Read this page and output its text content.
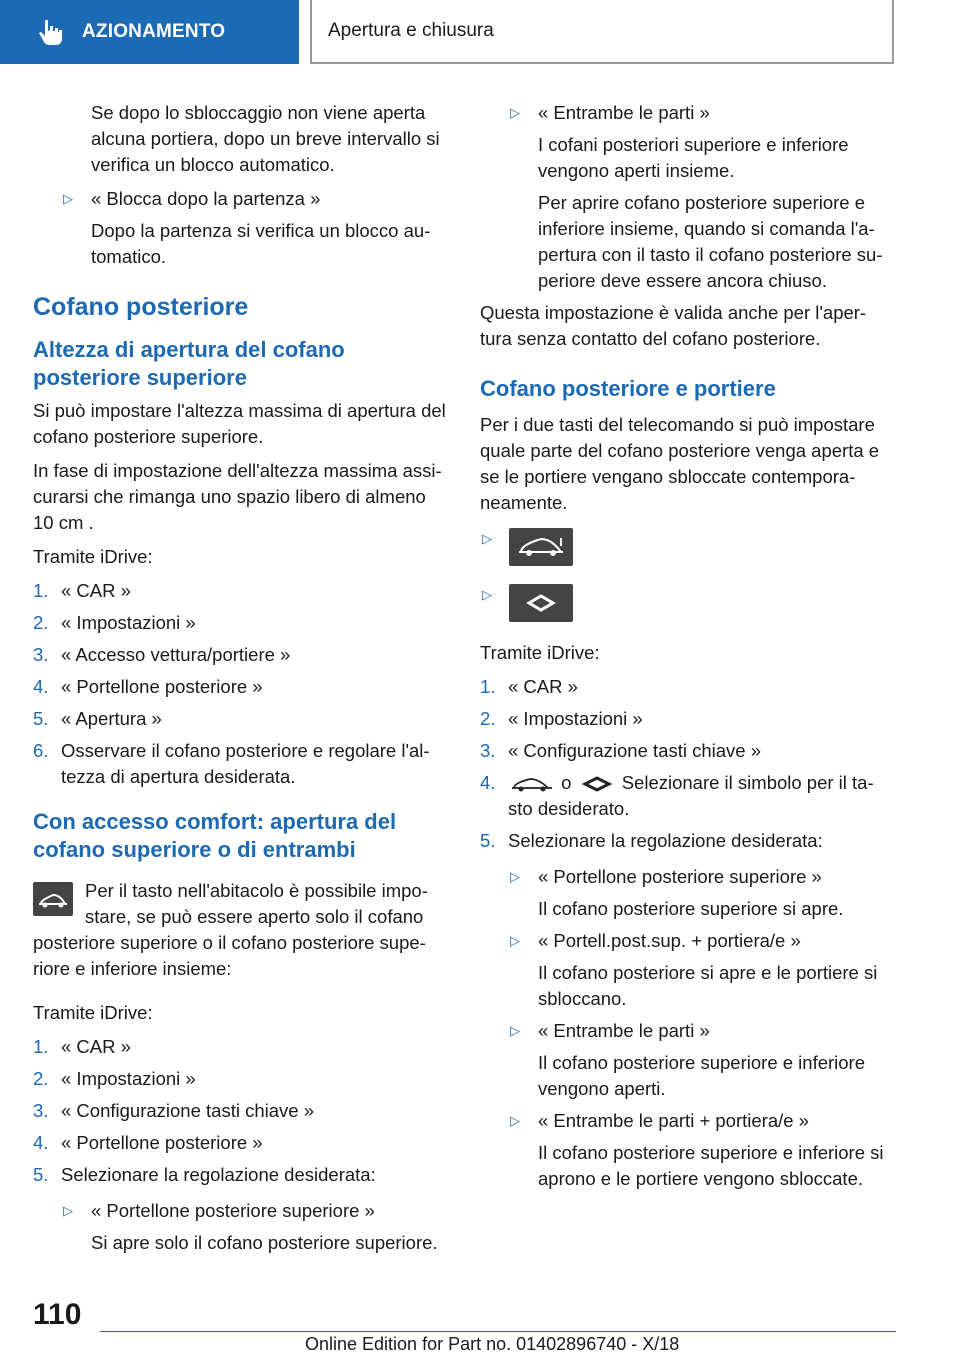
AZIONAMENTO	Apertura e chiusura

Se dopo lo sbloccaggio non viene aperta alcuna portiera, dopo un breve intervallo si verifica un blocco automatico.

▷ « Blocca dopo la partenza »

Dopo la partenza si verifica un blocco au-tomatico.

Cofano posteriore
Altezza di apertura del cofano posteriore superiore

Si può impostare l'altezza massima di apertura del cofano posteriore superiore.

In fase di impostazione dell'altezza massima assi-curarsi che rimanga uno spazio libero di almeno 10 cm .

Tramite iDrive:

1. « CAR »
2. « Impostazioni »
3. « Accesso vettura/portiere »
4. « Portellone posteriore »
5. « Apertura »
6. Osservare il cofano posteriore e regolare l'al-tezza di apertura desiderata.
Con accesso comfort: apertura del cofano superiore o di entrambi

Per il tasto nell'abitacolo è possibile impo-stare, se può essere aperto solo il cofano posteriore superiore o il cofano posteriore supe-riore e inferiore insieme:

Tramite iDrive:

1. « CAR »
2. « Impostazioni »
3. « Configurazione tasti chiave »
4. « Portellone posteriore »
5. Selezionare la regolazione desiderata:
▷ « Portellone posteriore superiore »

Si apre solo il cofano posteriore superiore.

▷ « Entrambe le parti »

I cofani posteriori superiore e inferiore vengono aperti insieme.

Per aprire cofano posteriore superiore e inferiore insieme, quando si comanda l'a-pertura con il tasto il cofano posteriore su-periore deve essere ancora chiuso.

Questa impostazione è valida anche per l'aper-tura senza contatto del cofano posteriore.

Cofano posteriore e portiere

Per i due tasti del telecomando si può impostare quale parte del cofano posteriore venga aperta e se le portiere vengano sbloccate contempora-neamente.

▷
▷

Tramite iDrive:

1. « CAR »
2. « Impostazioni »
3. « Configurazione tasti chiave »
4.	o	Selezionare il simbolo per il ta-sto desiderato.
5. Selezionare la regolazione desiderata:
▷ « Portellone posteriore superiore »

Il cofano posteriore superiore si apre.

▷ « Portell.post.sup. + portiera/e »

Il cofano posteriore si apre e le portiere si sbloccano.

▷ « Entrambe le parti »

Il cofano posteriore superiore e inferiore vengono aperti.

▷ « Entrambe le parti + portiera/e »

Il cofano posteriore superiore e inferiore si aprono e le portiere vengono sbloccate.

110
Online Edition for Part no. 01402896740 - X/18
